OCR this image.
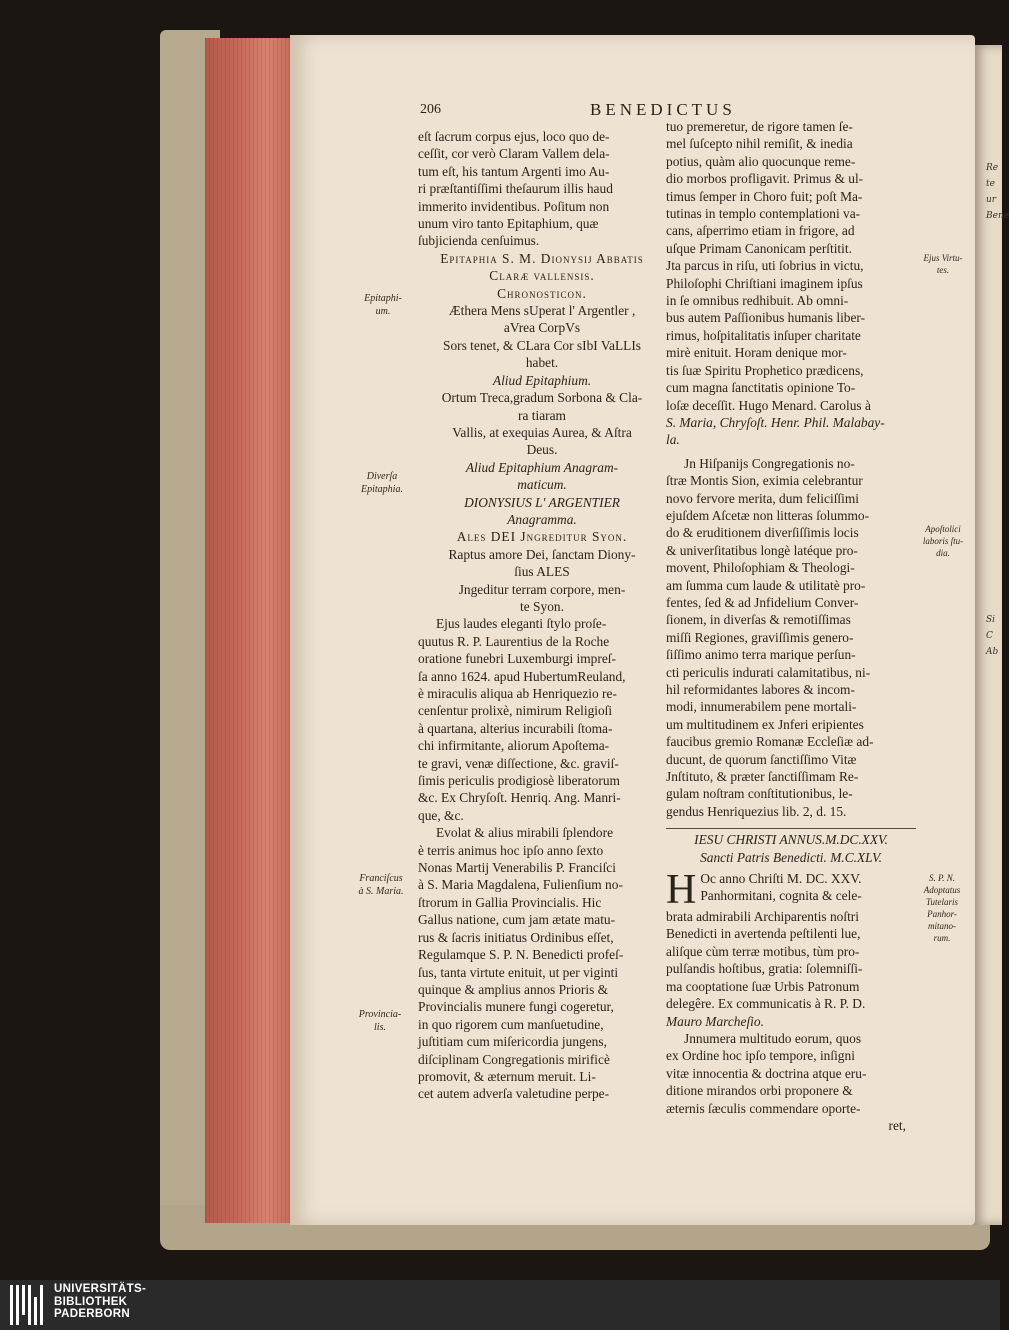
206	BENEDICTUS
eſt ſacrum corpus ejus, loco quo de-
ceſſit, cor verò Claram Vallem dela-
tum eſt, his tantum Argenti imo Au-
ri præſtantiſſimi theſaurum illis haud
immerito invidentibus. Poſitum non
unum viro tanto Epitaphium, quæ
ſubjicienda cenſuimus.
Epitaphia S. M. Dionysij Abbatis
Claræ vallensis.
Chronosticon.
Æthera Mens sUperat l' Argentler ,
aVrea CorpVs
Sors tenet, & CLara Cor sIbI VaLLIs
habet.
Aliud Epitaphium.
Ortum Treca,gradum Sorbona & Cla-
ra tiaram
Vallis, at exequias Aurea, & Aſtra
Deus.
Aliud Epitaphium Anagram-
maticum.
DIONYSIUS L' ARGENTIER
Anagramma.
Ales DEI Jngreditur Syon.
Raptus amore Dei, ſanctam Diony-
ſius ALES
Jngeditur terram corpore, men-
te Syon.
Ejus laudes eleganti ſtylo proſe-
quutus R. P. Laurentius de la Roche
oratione funebri Luxemburgi impreſ-
ſa anno 1624. apud HubertumReuland,
è miraculis aliqua ab Henriquezio re-
cenſentur prolixè, nimirum Religioſi
à quartana, alterius incurabili ſtoma-
chi infirmitante, aliorum Apoſtema-
te gravi, venæ diſſectione, &c. graviſ-
ſimis periculis prodigiosè liberatorum
&c. Ex Chryſoſt. Henriq. Ang. Manri-
que, &c.
Evolat & alius mirabili ſplendore
è terris animus hoc ipſo anno ſexto
Nonas Martij Venerabilis P. Franciſci
à S. Maria Magdalena, Fulienſium no-
ſtrorum in Gallia Provincialis. Hic
Gallus natione, cum jam ætate matu-
rus & ſacris initiatus Ordinibus eſſet,
Regulamque S. P. N. Benedicti profeſ-
ſus, tanta virtute enituit, ut per viginti
quinque & amplius annos Prioris &
Provincialis munere fungi cogeretur,
in quo rigorem cum manſuetudine,
juſtitiam cum miſericordia jungens,
diſciplinam Congregationis mirificè
promovit, & æternum meruit. Li-
cet autem adverſa valetudine perpe-
tuo premeretur, de rigore tamen ſe-
mel ſuſcepto nihil remiſit, & inedia
potius, quàm alio quocunque reme-
dio morbos profligavit. Primus & ul-
timus ſemper in Choro fuit; poſt Ma-
tutinas in templo contemplationi va-
cans, aſperrimo etiam in frigore, ad
uſque Primam Canonicam perſtitit.
Jta parcus in riſu, uti ſobrius in victu,
Philoſophi Chriſtiani imaginem ipſus
in ſe omnibus redhibuit. Ab omni-
bus autem Paſſionibus humanis liber-
rimus, hoſpitalitatis inſuper charitate
mirè enituit. Horam denique mor-
tis ſuæ Spiritu Prophetico prædicens,
cum magna ſanctitatis opinione To-
loſæ deceſſit. Hugo Menard. Carolus à
S. Maria, Chryſoſt. Henr. Phil. Malabay-
la.
Jn Hiſpanijs Congregationis no-
ſtræ Montis Sion, eximia celebrantur
novo fervore merita, dum feliciſſimi
ejuſdem Aſcetæ non litteras ſolummo-
do & eruditionem diverſiſſimis locis
& univerſitatibus longè latéque pro-
movent, Philoſophiam & Theologi-
am ſumma cum laude & utilitatè pro-
fentes, ſed & ad Jnfidelium Conver-
ſionem, in diverſas & remotiſſimas
miſſi Regiones, graviſſimis genero-
ſiſſimo animo terra marique perſun-
cti periculis indurati calamitatibus, ni-
hil reformidantes labores & incom-
modi, innumerabilem pene mortali-
um multitudinem ex Jnferi eripientes
faucibus gremio Romanæ Eccleſiæ ad-
ducunt, de quorum ſanctiſſimo Vitæ
Jnſtituto, & præter ſanctiſſimam Re-
gulam noſtram conſtitutionibus, le-
gendus Henriquezius lib. 2, d. 15.
IESU CHRISTI ANNUS.M.DC.XXV.
Sancti Patris Benedicti. M.C.XLV.
H Oc anno Chriſti M. DC. XXV.
Panhormitani, cognita & cele-
brata admirabili Archiparentis noſtri
Benedicti in avertenda peſtilenti lue,
aliſque cùm terræ motibus, tùm pro-
pulſandis hoſtibus, gratia: ſolemniſſi-
ma cooptatione ſuæ Urbis Patronum
delegêre. Ex communicatis à R. P. D.
Mauro Marcheſio.
Jnnumera multitudo eorum, quos
ex Ordine hoc ipſo tempore, inſigni
vitæ innocentia & doctrina atque eru-
ditione mirandos orbi proponere &
æternis ſæculis commendare oporte-
ret,
Epitaphi-
um.
Diverſa
Epitaphia.
Franciſcus
à S. Maria.
Provincia-
lis.
Ejus Virtu-
tes.
Apoſtolici
laboris ſtu-
dia.
S. P. N.
Adoptatus
Tutelaris
Panhor-
mitano-
rum.
Re
te
ur
Bene
Si
C
Ab
UNIVERSITÄTS-
BIBLIOTHEK
PADERBORN
